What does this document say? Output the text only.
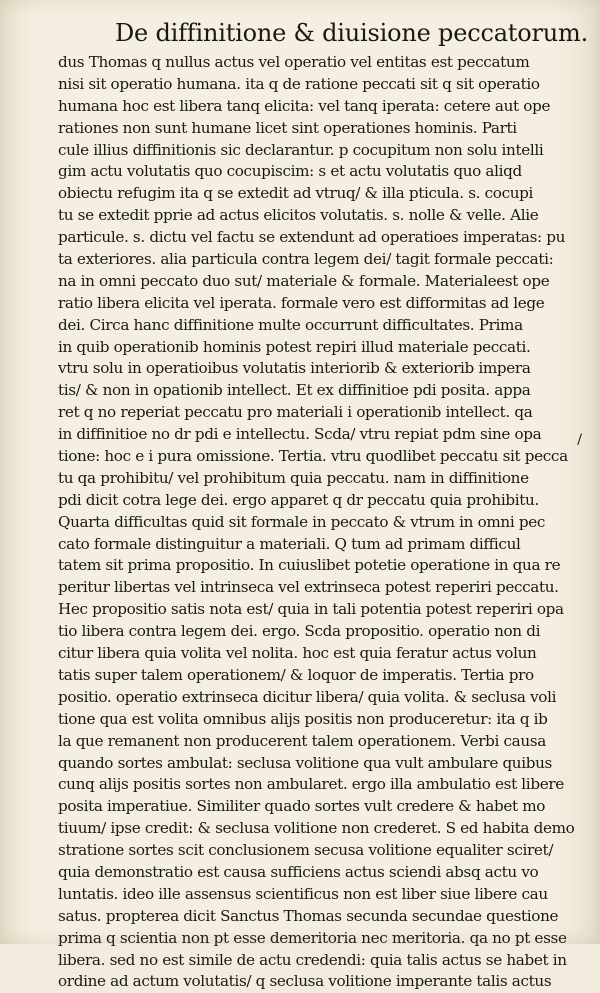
De diffinitione & diuisione peccatorum.
dus Thomas q nullus actus vel operatio vel entitas est peccatum
nisi sit operatio humana. ita q de ratione peccati sit q sit operatio
humana hoc est libera tanq elicita: vel tanq iperata: cetere aut ope
rationes non sunt humane licet sint operationes hominis. Parti
cule illius diffinitionis sic declarantur. p cocupitum non solu intelli
gim actu volutatis quo cocupiscim: s et actu volutatis quo aliqd
obiectu refugim ita q se extedit ad vtruq/ & illa pticula. s. cocupi
tu se extedit pprie ad actus elicitos volutatis. s. nolle & velle. Alie
particule. s. dictu vel factu se extendunt ad operatioes imperatas: pu
ta exteriores. alia particula contra legem dei/ tagit formale peccati:
na in omni peccato duo sut/ materiale & formale. Materialeest ope
ratio libera elicita vel iperata. formale vero est difformitas ad lege
dei. Circa hanc diffinitione multe occurrunt difficultates. Prima
in quib operationib hominis potest repiri illud materiale peccati.
vtru solu in operatioibus volutatis interiorib & exteriorib impera
tis/ & non in opationib intellect. Et ex diffinitioe pdi posita. appa
ret q no reperiat peccatu pro materiali i operationib intellect. qa
in diffinitioe no dr pdi e intellectu. Scda/ vtru repiat pdm sine opa
tione: hoc e i pura omissione. Tertia. vtru quodlibet peccatu sit pecca
tu qa prohibitu/ vel prohibitum quia peccatu. nam in diffinitione
pdi dicit cotra lege dei. ergo apparet q dr peccatu quia prohibitu.
Quarta difficultas quid sit formale in peccato & vtrum in omni pec
cato formale distinguitur a materiali. Q tum ad primam difficul
tatem sit prima propositio. In cuiuslibet potetie operatione in qua re
peritur libertas vel intrinseca vel extrinseca potest reperiri peccatu.
Hec propositio satis nota est/ quia in tali potentia potest reperiri opa
tio libera contra legem dei. ergo. Scda propositio. operatio non di
citur libera quia volita vel nolita. hoc est quia feratur actus volun
tatis super talem operationem/ & loquor de imperatis. Tertia pro
positio. operatio extrinseca dicitur libera/ quia volita. & seclusa voli
tione qua est volita omnibus alijs positis non produceretur: ita q ib
la que remanent non producerent talem operationem. Verbi causa
quando sortes ambulat: seclusa volitione qua vult ambulare quibus
cunq alijs positis sortes non ambularet. ergo illa ambulatio est libere
posita imperatiue. Similiter quado sortes vult credere & habet mo
tiuum/ ipse credit: & seclusa volitione non crederet. S ed habita demo
stratione sortes scit conclusionem secusa volitione equaliter sciret/
quia demonstratio est causa sufficiens actus sciendi absq actu vo
luntatis. ideo ille assensus scientificus non est liber siue libere cau
satus. propterea dicit Sanctus Thomas secunda secundae questione
prima q scientia non pt esse demeritoria nec meritoria. qa no pt esse
libera. sed no est simile de actu credendi: quia talis actus se habet in
ordine ad actum volutatis/ q seclusa volitione imperante talis actus
/
